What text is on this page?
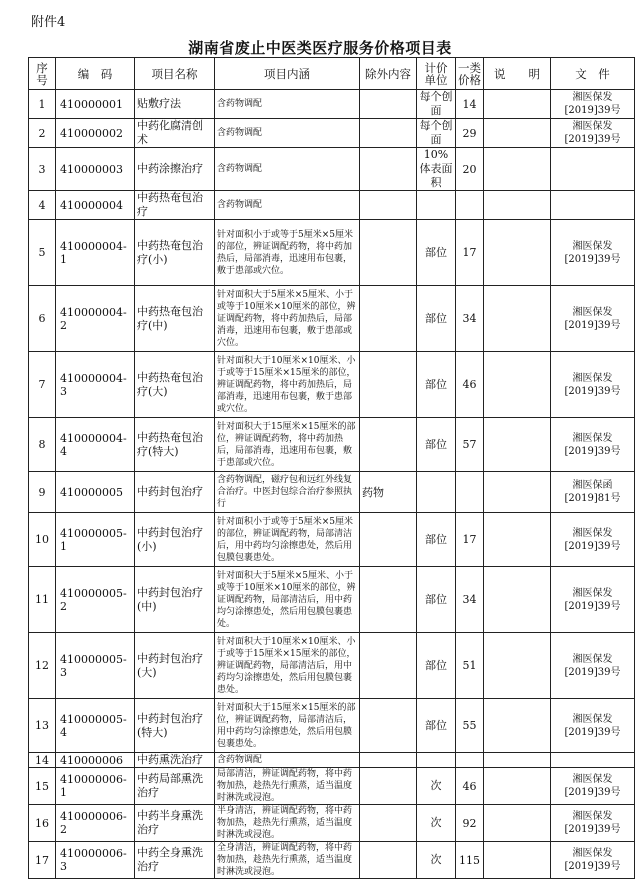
附件4
湖南省废止中医类医疗服务价格项目表
序号	编　码	项目名称	项目内涵	除外内容	计价单位	一类价格	说　　明	文　件
1	410000001	贴敷疗法	含药物调配		每个创面	14		湘医保发[2019]39号
2	410000002	中药化腐清创术	含药物调配		每个创面	29		湘医保发[2019]39号
3	410000003	中药涂擦治疗	含药物调配		10%体表面积	20		
4	410000004	中药热奄包治疗	含药物调配					
5	410000004-1	中药热奄包治疗(小)	针对面积小于或等于5厘米×5厘米的部位，辨证调配药物，将中药加热后，局部消毒，迅速用布包裹，敷于患部或穴位。		部位	17		湘医保发[2019]39号
6	410000004-2	中药热奄包治疗(中)	针对面积大于5厘米×5厘米、小于或等于10厘米×10厘米的部位，辨证调配药物，将中药加热后，局部消毒，迅速用布包裹，敷于患部或穴位。		部位	34		湘医保发[2019]39号
7	410000004-3	中药热奄包治疗(大)	针对面积大于10厘米×10厘米、小于或等于15厘米×15厘米的部位，辨证调配药物，将中药加热后，局部消毒，迅速用布包裹，敷于患部或穴位。		部位	46		湘医保发[2019]39号
8	410000004-4	中药热奄包治疗(特大)	针对面积大于15厘米×15厘米的部位，辨证调配药物，将中药加热后，局部消毒，迅速用布包裹，敷于患部或穴位。		部位	57		湘医保发[2019]39号
9	410000005	中药封包治疗	含药物调配，磁疗包和远红外线复合治疗。中医封包综合治疗参照执行	药物				湘医保函[2019]81号
10	410000005-1	中药封包治疗(小)	针对面积小于或等于5厘米×5厘米的部位，辨证调配药物，局部清洁后，用中药均匀涂擦患处，然后用包膜包裹患处。		部位	17		湘医保发[2019]39号
11	410000005-2	中药封包治疗(中)	针对面积大于5厘米×5厘米、小于或等于10厘米×10厘米的部位，辨证调配药物，局部清洁后，用中药均匀涂擦患处，然后用包膜包裹患处。		部位	34		湘医保发[2019]39号
12	410000005-3	中药封包治疗(大)	针对面积大于10厘米×10厘米、小于或等于15厘米×15厘米的部位，辨证调配药物，局部清洁后，用中药均匀涂擦患处，然后用包膜包裹患处。		部位	51		湘医保发[2019]39号
13	410000005-4	中药封包治疗(特大)	针对面积大于15厘米×15厘米的部位，辨证调配药物，局部清洁后，用中药均匀涂擦患处，然后用包膜包裹患处。		部位	55		湘医保发[2019]39号
14	410000006	中药熏洗治疗	含药物调配					
15	410000006-1	中药局部熏洗治疗	局部清洁，辨证调配药物，将中药物加热，趁热先行熏蒸，适当温度时淋洗或浸泡。		次	46		湘医保发[2019]39号
16	410000006-2	中药半身熏洗治疗	半身清洁，辨证调配药物，将中药物加热，趁热先行熏蒸，适当温度时淋洗或浸泡。		次	92		湘医保发[2019]39号
17	410000006-3	中药全身熏洗治疗	全身清洁，辨证调配药物，将中药物加热，趁热先行熏蒸，适当温度时淋洗或浸泡。		次	115		湘医保发[2019]39号
